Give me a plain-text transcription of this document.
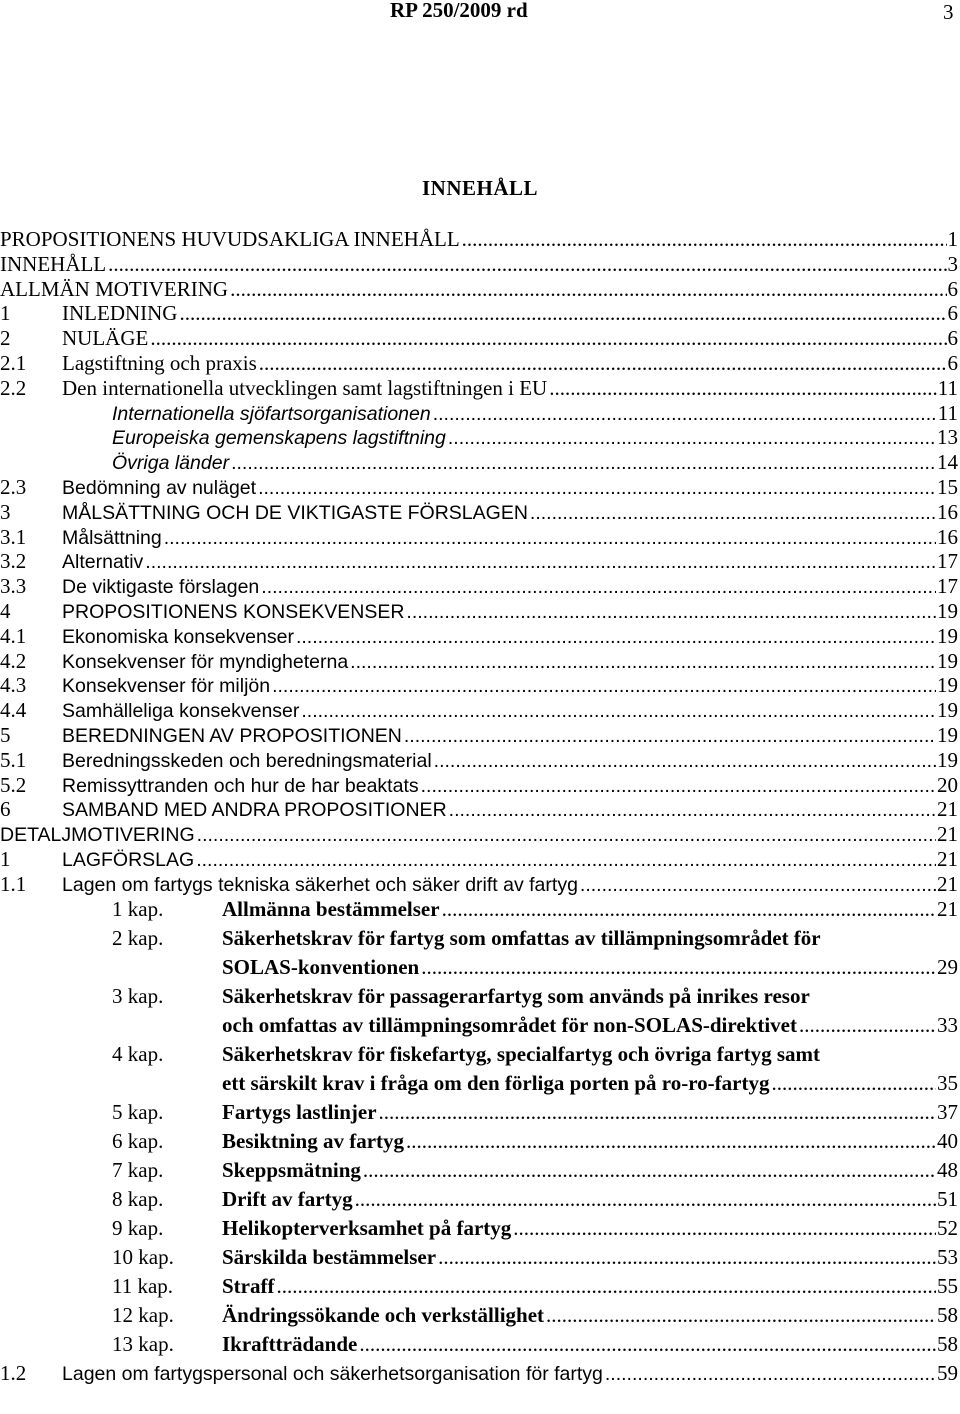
RP 250/2009 rd	3
INNEHÅLL
PROPOSITIONENS HUVUDSAKLIGA INNEHÅLL .....	1
INNEHÅLL .....	3
ALLMÄN MOTIVERING .....	6
1	INLEDNING .....	6
2	NULÄGE .....	6
2.1	Lagstiftning och praxis .....	6
2.2	Den internationella utvecklingen samt lagstiftningen i EU .....	11
Internationella sjöfartsorganisationen .....	11
Europeiska gemenskapens lagstiftning .....	13
Övriga länder .....	14
2.3	Bedömning av nuläget .....	15
3	MÅLSÄTTNING OCH DE VIKTIGASTE FÖRSLAGEN .....	16
3.1	Målsättning .....	16
3.2	Alternativ .....	17
3.3	De viktigaste förslagen .....	17
4	PROPOSITIONENS KONSEKVENSER .....	19
4.1	Ekonomiska konsekvenser .....	19
4.2	Konsekvenser för myndigheterna .....	19
4.3	Konsekvenser för miljön .....	19
4.4	Samhälleliga konsekvenser .....	19
5	BEREDNINGEN AV PROPOSITIONEN .....	19
5.1	Beredningsskeden och beredningsmaterial .....	19
5.2	Remissyttranden och hur de har beaktats .....	20
6	SAMBAND MED ANDRA PROPOSITIONER .....	21
DETALJMOTIVERING .....	21
1	LAGFÖRSLAG .....	21
1.1	Lagen om fartygs tekniska säkerhet och säker drift av fartyg .....	21
1 kap.	Allmänna bestämmelser .....	21
2 kap.	Säkerhetskrav för fartyg som omfattas av tillämpningsområdet för
SOLAS-konventionen .....	29
3 kap.	Säkerhetskrav för passagerarfartyg som används på inrikes resor
och omfattas av tillämpningsområdet för non-SOLAS-direktivet .....	33
4 kap.	Säkerhetskrav för fiskefartyg, specialfartyg och övriga fartyg samt
ett särskilt krav i fråga om den förliga porten på ro-ro-fartyg .....	35
5 kap.	Fartygs lastlinjer .....	37
6 kap.	Besiktning av fartyg .....	40
7 kap.	Skeppsmätning .....	48
8 kap.	Drift av fartyg .....	51
9 kap.	Helikopterverksamhet på fartyg .....	52
10 kap.	Särskilda bestämmelser .....	53
11 kap.	Straff .....	55
12 kap.	Ändringssökande och verkställighet .....	58
13 kap.	Ikraftträdande .....	58
1.2	Lagen om fartygspersonal och säkerhetsorganisation för fartyg .....	59
